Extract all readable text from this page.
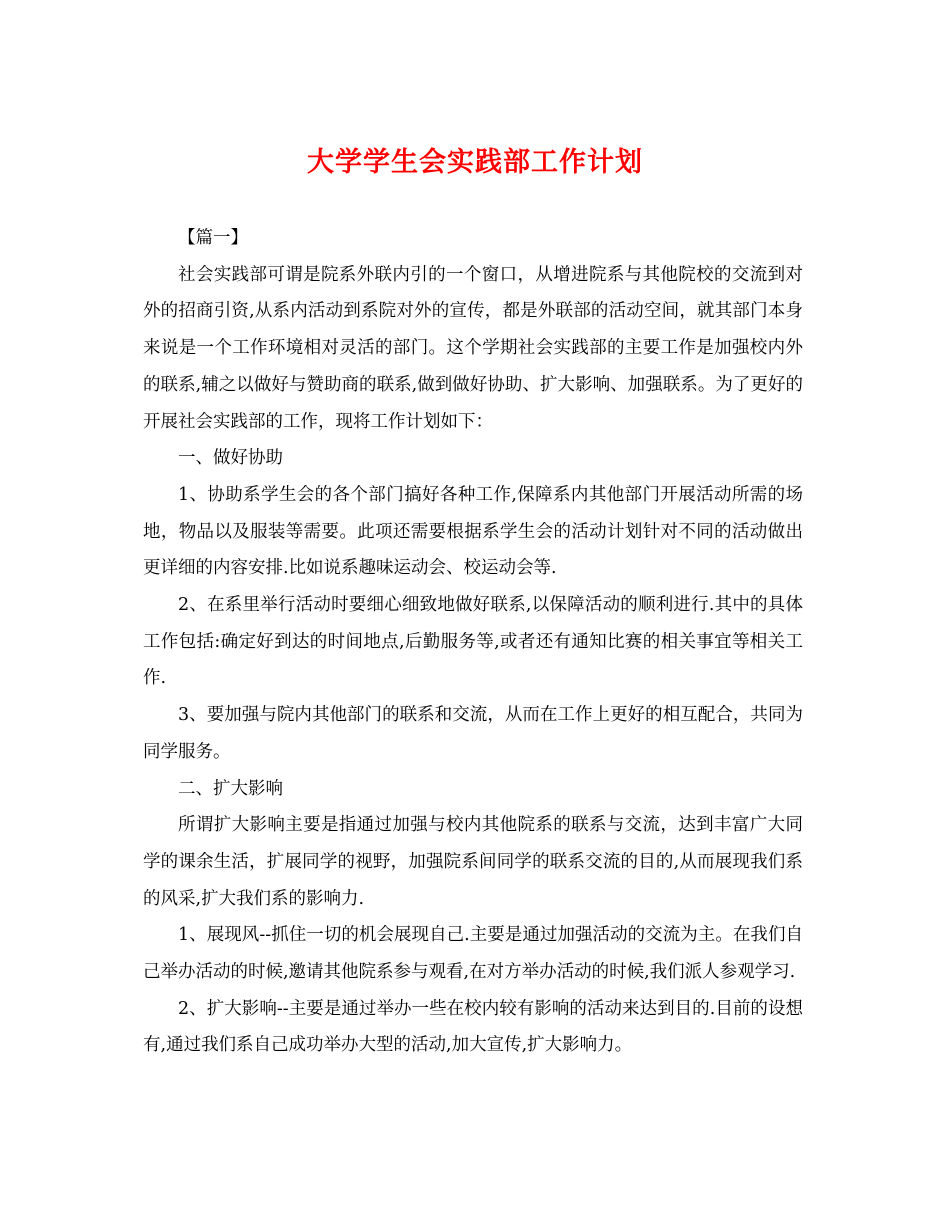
大学学生会实践部工作计划

【篇一】

社会实践部可谓是院系外联内引的一个窗口，从增进院系与其他院校的交流到对外的招商引资,从系内活动到系院对外的宣传，都是外联部的活动空间，就其部门本身来说是一个工作环境相对灵活的部门。这个学期社会实践部的主要工作是加强校内外的联系,辅之以做好与赞助商的联系,做到做好协助、扩大影响、加强联系。为了更好的开展社会实践部的工作，现将工作计划如下：

一、做好协助

1、协助系学生会的各个部门搞好各种工作,保障系内其他部门开展活动所需的场地，物品以及服装等需要。此项还需要根据系学生会的活动计划针对不同的活动做出更详细的内容安排.比如说系趣味运动会、校运动会等.

2、在系里举行活动时要细心细致地做好联系,以保障活动的顺利进行.其中的具体工作包括:确定好到达的时间地点,后勤服务等,或者还有通知比赛的相关事宜等相关工作.

3、要加强与院内其他部门的联系和交流，从而在工作上更好的相互配合，共同为同学服务。

二、扩大影响

所谓扩大影响主要是指通过加强与校内其他院系的联系与交流，达到丰富广大同学的课余生活，扩展同学的视野，加强院系间同学的联系交流的目的,从而展现我们系的风采,扩大我们系的影响力.

1、展现风--抓住一切的机会展现自己.主要是通过加强活动的交流为主。在我们自己举办活动的时候,邀请其他院系参与观看,在对方举办活动的时候,我们派人参观学习.

2、扩大影响--主要是通过举办一些在校内较有影响的活动来达到目的.目前的设想有,通过我们系自己成功举办大型的活动,加大宣传,扩大影响力。
